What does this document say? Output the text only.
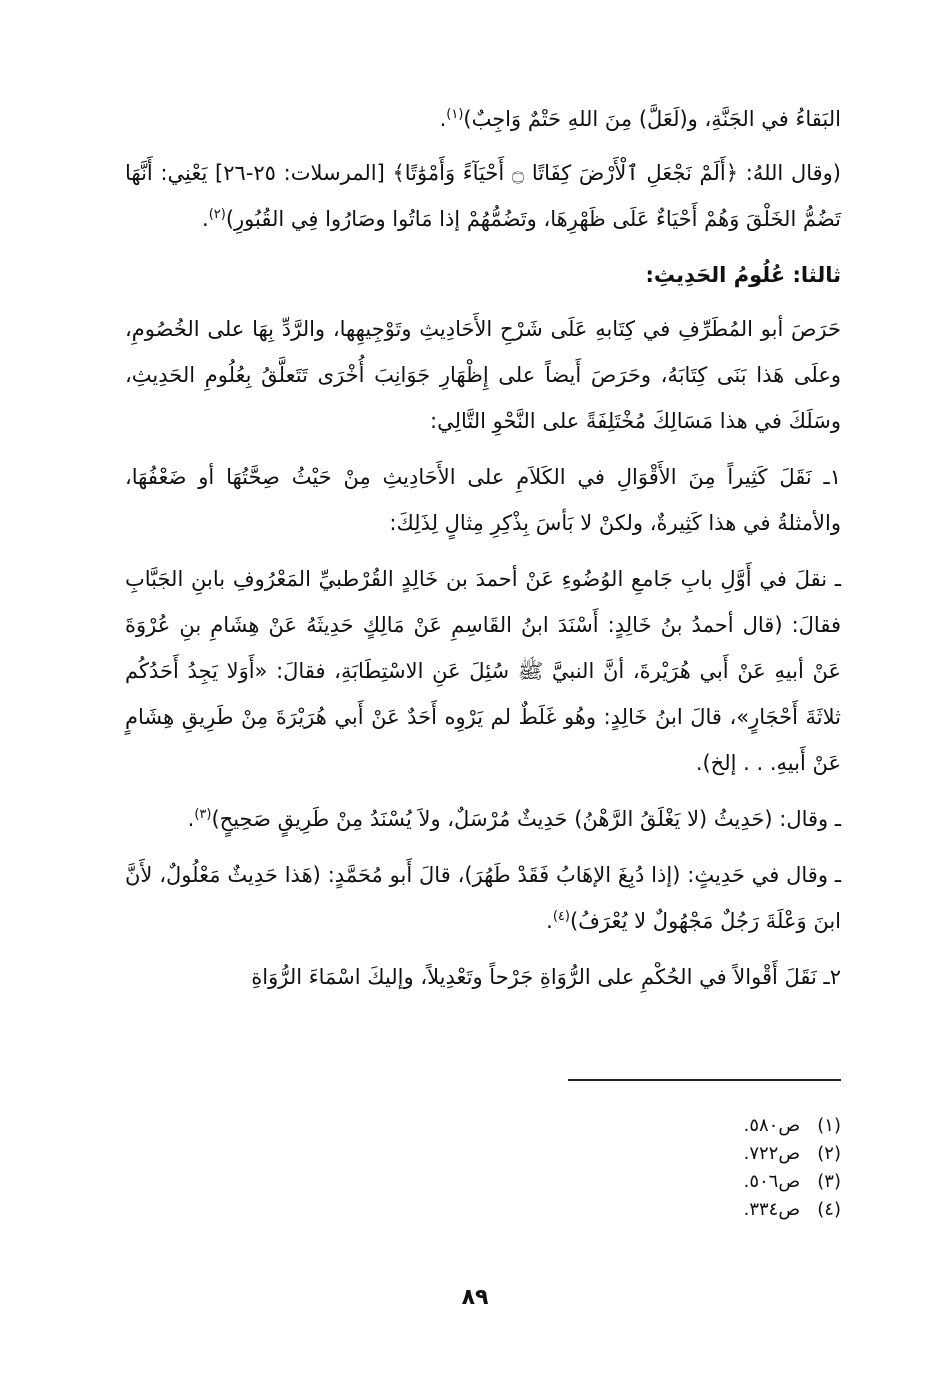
البَقاءُ في الجَنَّةِ، و(لَعَلَّ) مِنَ اللهِ حَتْمٌ وَاجِبٌ)$^{(١)}$.

(وقال اللهُ: ﴿أَلَمْ نَجْعَلِ ٱلْأَرْضَ كِفَاتًا ۝ أَحْيَآءً وَأَمْوَٰتًا﴾ [المرسلات: ٢٥-٢٦] يَعْنِي: أَنَّهَا تَضُمُّ الخَلْقَ وَهُمْ أَحْيَاءٌ عَلَى ظَهْرِهَا، وتَضُمُّهُمْ إذا مَاتُوا وصَارُوا فِي القُبُورِ)$^{(٢)}$.

ثالثا: عُلُومُ الحَدِيثِ:

حَرَصَ أبو المُطَرِّفِ في كِتَابهِ عَلَى شَرْحِ الأَحَادِيثِ وتَوْجِيهِها، والرَّدِّ بِهَا على الخُصُومِ، وعلَى هَذا بَنَى كِتَابَهُ، وحَرَصَ أَيضاً على إِظْهَارِ جَوَانِبَ أُخْرَى تَتَعلَّقُ بِعُلُومِ الحَدِيثِ، وسَلَكَ في هذا مَسَالِكَ مُخْتَلِفَةً على النَّحْوِ التَّالِي:

١ـ نَقَلَ كَثِيراً مِنَ الأَقْوَالِ في الكَلاَمِ على الأَحَادِيثِ مِنْ حَيْثُ صِحَّتُهَا أو ضَعْفُهَا، والأمثلةُ في هذا كَثِيرةٌ، ولكنْ لا بَأسَ بِذْكِرِ مِثالٍ لِذَلِكَ:

ـ نقلَ في أَوَّلِ بابِ جَامعِ الوُضُوءِ عَنْ أحمدَ بن خَالِدٍ القُرْطبيِّ المَعْرُوفِ بابنِ الجَبَّابِ فقالَ: (قال أحمدُ بنُ خَالِدٍ: أَسْنَدَ ابنُ القَاسِمِ عَنْ مَالِكٍ حَدِيثَهُ عَنْ هِشَامِ بنِ عُرْوَةَ عَنْ أبيهِ عَنْ أَبي هُرَيْرةَ، أنَّ النبيَّ ﷺ سُئِلَ عَنِ الاسْتِطَابَةِ، فقالَ: «أَوَلا يَجِدُ أَحَدُكُم ثلاثَةَ أَحْجَارٍ»، قالَ ابنُ خَالِدٍ: وهُو غَلَطٌ لم يَرْوِه أَحَدٌ عَنْ أَبي هُرَيْرَةَ مِنْ طَرِيقِ هِشَامٍ عَنْ أَبيهِ. . . إلخ).

ـ وقال: (حَدِيثُ (لا يَغْلَقُ الرَّهْنُ) حَدِيثٌ مُرْسَلٌ، ولاَ يُسْنَدُ مِنْ طَرِيقٍ صَحِيحٍ)$^{(٣)}$.

ـ وقال في حَدِيثٍ: (إذا دُبِغَ الإهَابُ فَقَدْ طَهُرَ)، قالَ أَبو مُحَمَّدٍ: (هَذا حَدِيثٌ مَعْلُولٌ، لأَنَّ ابنَ وَعْلَةَ رَجُلٌ مَجْهُولٌ لا يُعْرَفُ)$^{(٤)}$.

٢ـ نَقَلَ أَقْوالاً في الحُكْمِ على الرُّوَاةِ جَرْحاً وتَعْدِيلاً، وإليكَ اسْمَاءَ الرُّوَاةِ

(١)   ص٥٨٠.
(٢)   ص٧٢٢.
(٣)   ص٥٠٦.
(٤)   ص٣٣٤.
٨٩
